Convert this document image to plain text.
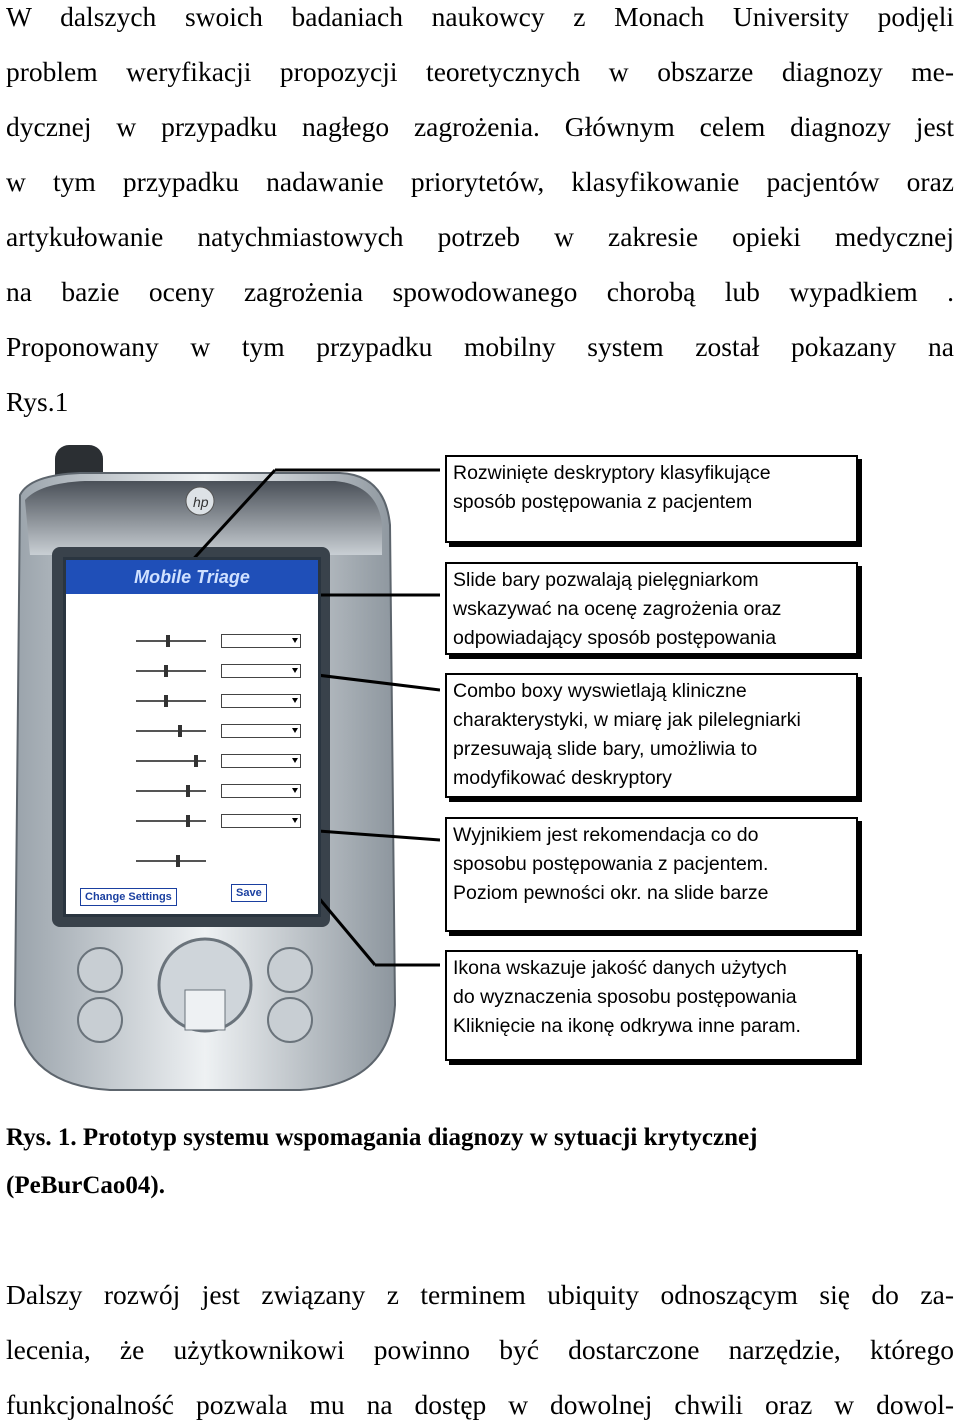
W dalszych swoich badaniach naukowcy z Monach University podjęli
problem weryfikacji propozycji teoretycznych w obszarze diagnozy me-
dycznej w przypadku nagłego zagrożenia. Głównym celem diagnozy jest
w tym przypadku nadawanie priorytetów, klasyfikowanie pacjentów oraz
artykułowanie natychmiastowych potrzeb w zakresie opieki medycznej
na bazie oceny zagrożenia spowodowanego chorobą lub wypadkiem .
Proponowany w tym przypadku mobilny system został pokazany na
Rys.1
hp
Mobile Triage
Change Settings	Save
Rozwinięte deskryptory klasyfikujące
sposób postępowania z pacjentem
Slide bary pozwalają pielęgniarkom
wskazywać na ocenę zagrożenia oraz
odpowiadający sposób postępowania
Combo boxy wyswietlają kliniczne
charakterystyki, w miarę jak pilelegniarki
przesuwają slide bary, umożliwia to
modyfikować deskryptory
Wyjnikiem jest rekomendacja co do
sposobu postępowania z pacjentem.
Poziom pewności okr. na slide barze
Ikona wskazuje jakość danych użytych
do wyznaczenia sposobu postępowania
Kliknięcie na ikonę odkrywa inne param.
Rys. 1. Prototyp systemu wspomagania diagnozy w sytuacji krytycznej
(PeBurCao04).
Dalszy rozwój jest związany z terminem ubiquity odnoszącym się do za-
lecenia, że użytkownikowi powinno być dostarczone narzędzie, którego
funkcjonalność pozwala mu na dostęp w dowolnej chwili oraz w dowol-
